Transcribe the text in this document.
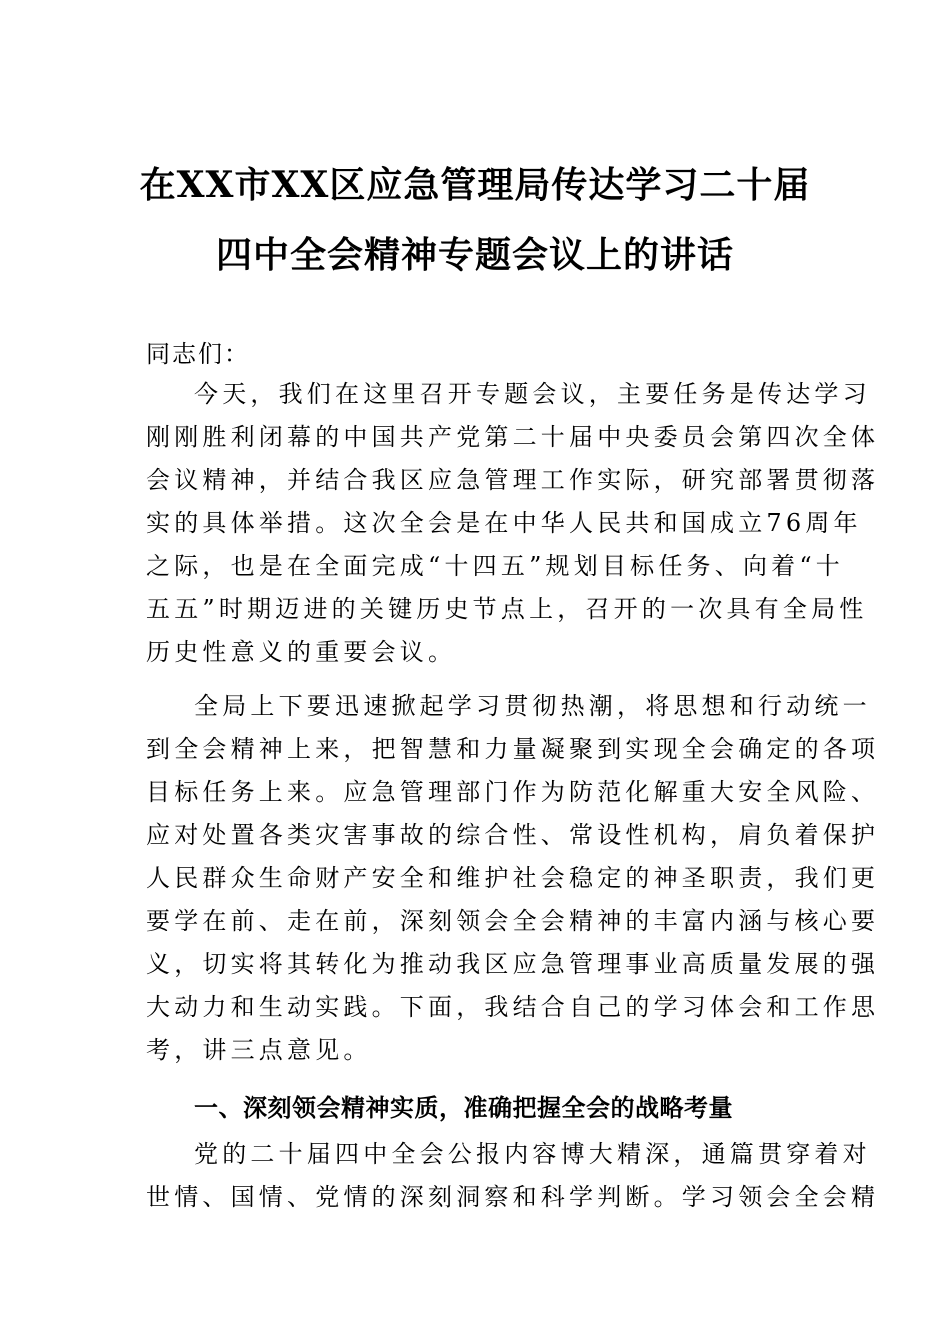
在XX市XX区应急管理局传达学习二十届
四中全会精神专题会议上的讲话
同志们：
今天，我们在这里召开专题会议，主要任务是传达学习
刚刚胜利闭幕的中国共产党第二十届中央委员会第四次全体
会议精神，并结合我区应急管理工作实际，研究部署贯彻落
实的具体举措。这次全会是在中华人民共和国成立76周年
之际，也是在全面完成“十四五”规划目标任务、向着“十
五五”时期迈进的关键历史节点上，召开的一次具有全局性
历史性意义的重要会议。
全局上下要迅速掀起学习贯彻热潮，将思想和行动统一
到全会精神上来，把智慧和力量凝聚到实现全会确定的各项
目标任务上来。应急管理部门作为防范化解重大安全风险、
应对处置各类灾害事故的综合性、常设性机构，肩负着保护
人民群众生命财产安全和维护社会稳定的神圣职责，我们更
要学在前、走在前，深刻领会全会精神的丰富内涵与核心要
义，切实将其转化为推动我区应急管理事业高质量发展的强
大动力和生动实践。下面，我结合自己的学习体会和工作思
考，讲三点意见。
一、深刻领会精神实质，准确把握全会的战略考量
党的二十届四中全会公报内容博大精深，通篇贯穿着对
世情、国情、党情的深刻洞察和科学判断。学习领会全会精
